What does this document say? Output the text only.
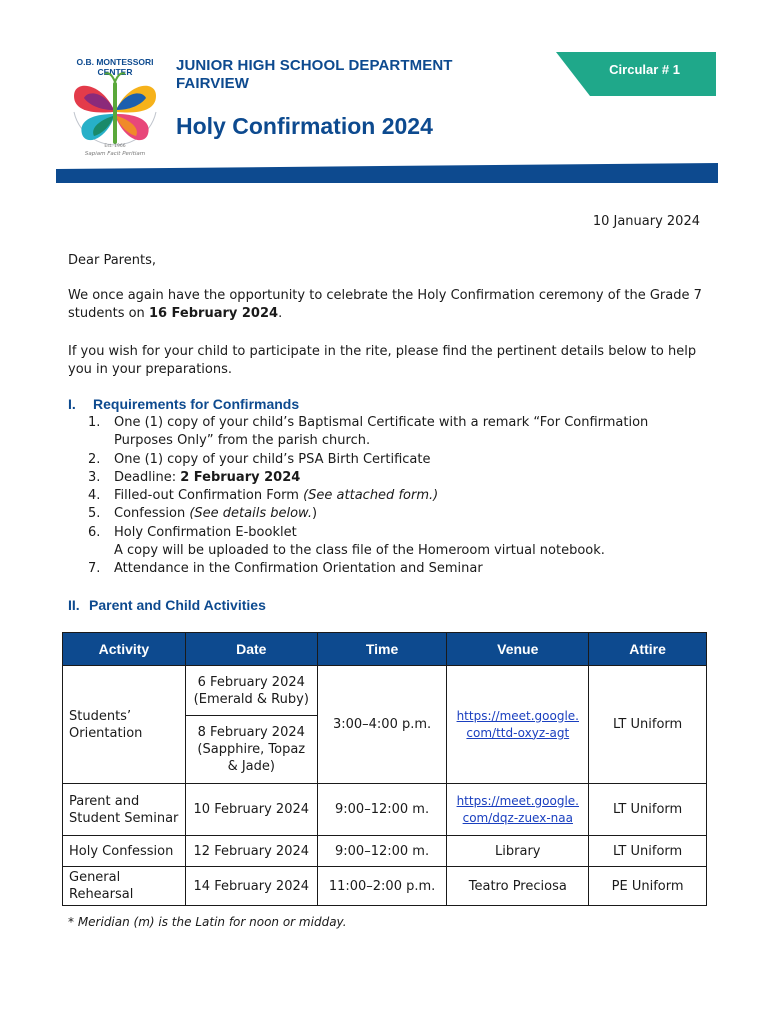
O.B. MONTESSORI
CENTER
Est. 1966
Sapiam Facit Peritiam
JUNIOR HIGH SCHOOL DEPARTMENT
FAIRVIEW
Holy Confirmation 2024
Circular # 1
10 January 2024
Dear Parents,
We once again have the opportunity to celebrate the Holy Confirmation ceremony of the Grade 7 students on 16 February 2024.
If you wish for your child to participate in the rite, please find the pertinent details below to help you in your preparations.
I. Requirements for Confirmands
1.	One (1) copy of your child’s Baptismal Certificate with a remark “For Confirmation Purposes Only” from the parish church.
2.	One (1) copy of your child’s PSA Birth Certificate
3.	Deadline: 2 February 2024
4.	Filled-out Confirmation Form (See attached form.)
5.	Confession (See details below.)
6.	Holy Confirmation E-booklet
A copy will be uploaded to the class file of the Homeroom virtual notebook.
7.	Attendance in the Confirmation Orientation and Seminar
II. Parent and Child Activities
Activity	Date	Time	Venue	Attire
Students’ Orientation	6 February 2024 (Emerald & Ruby)	3:00–4:00 p.m.	https://meet.google.com/ttd-oxyz-agt	LT Uniform
	8 February 2024 (Sapphire, Topaz & Jade)			
Parent and Student Seminar	10 February 2024	9:00–12:00 m.	https://meet.google.com/dqz-zuex-naa	LT Uniform
Holy Confession	12 February 2024	9:00–12:00 m.	Library	LT Uniform
General Rehearsal	14 February 2024	11:00–2:00 p.m.	Teatro Preciosa	PE Uniform
* Meridian (m) is the Latin for noon or midday.
